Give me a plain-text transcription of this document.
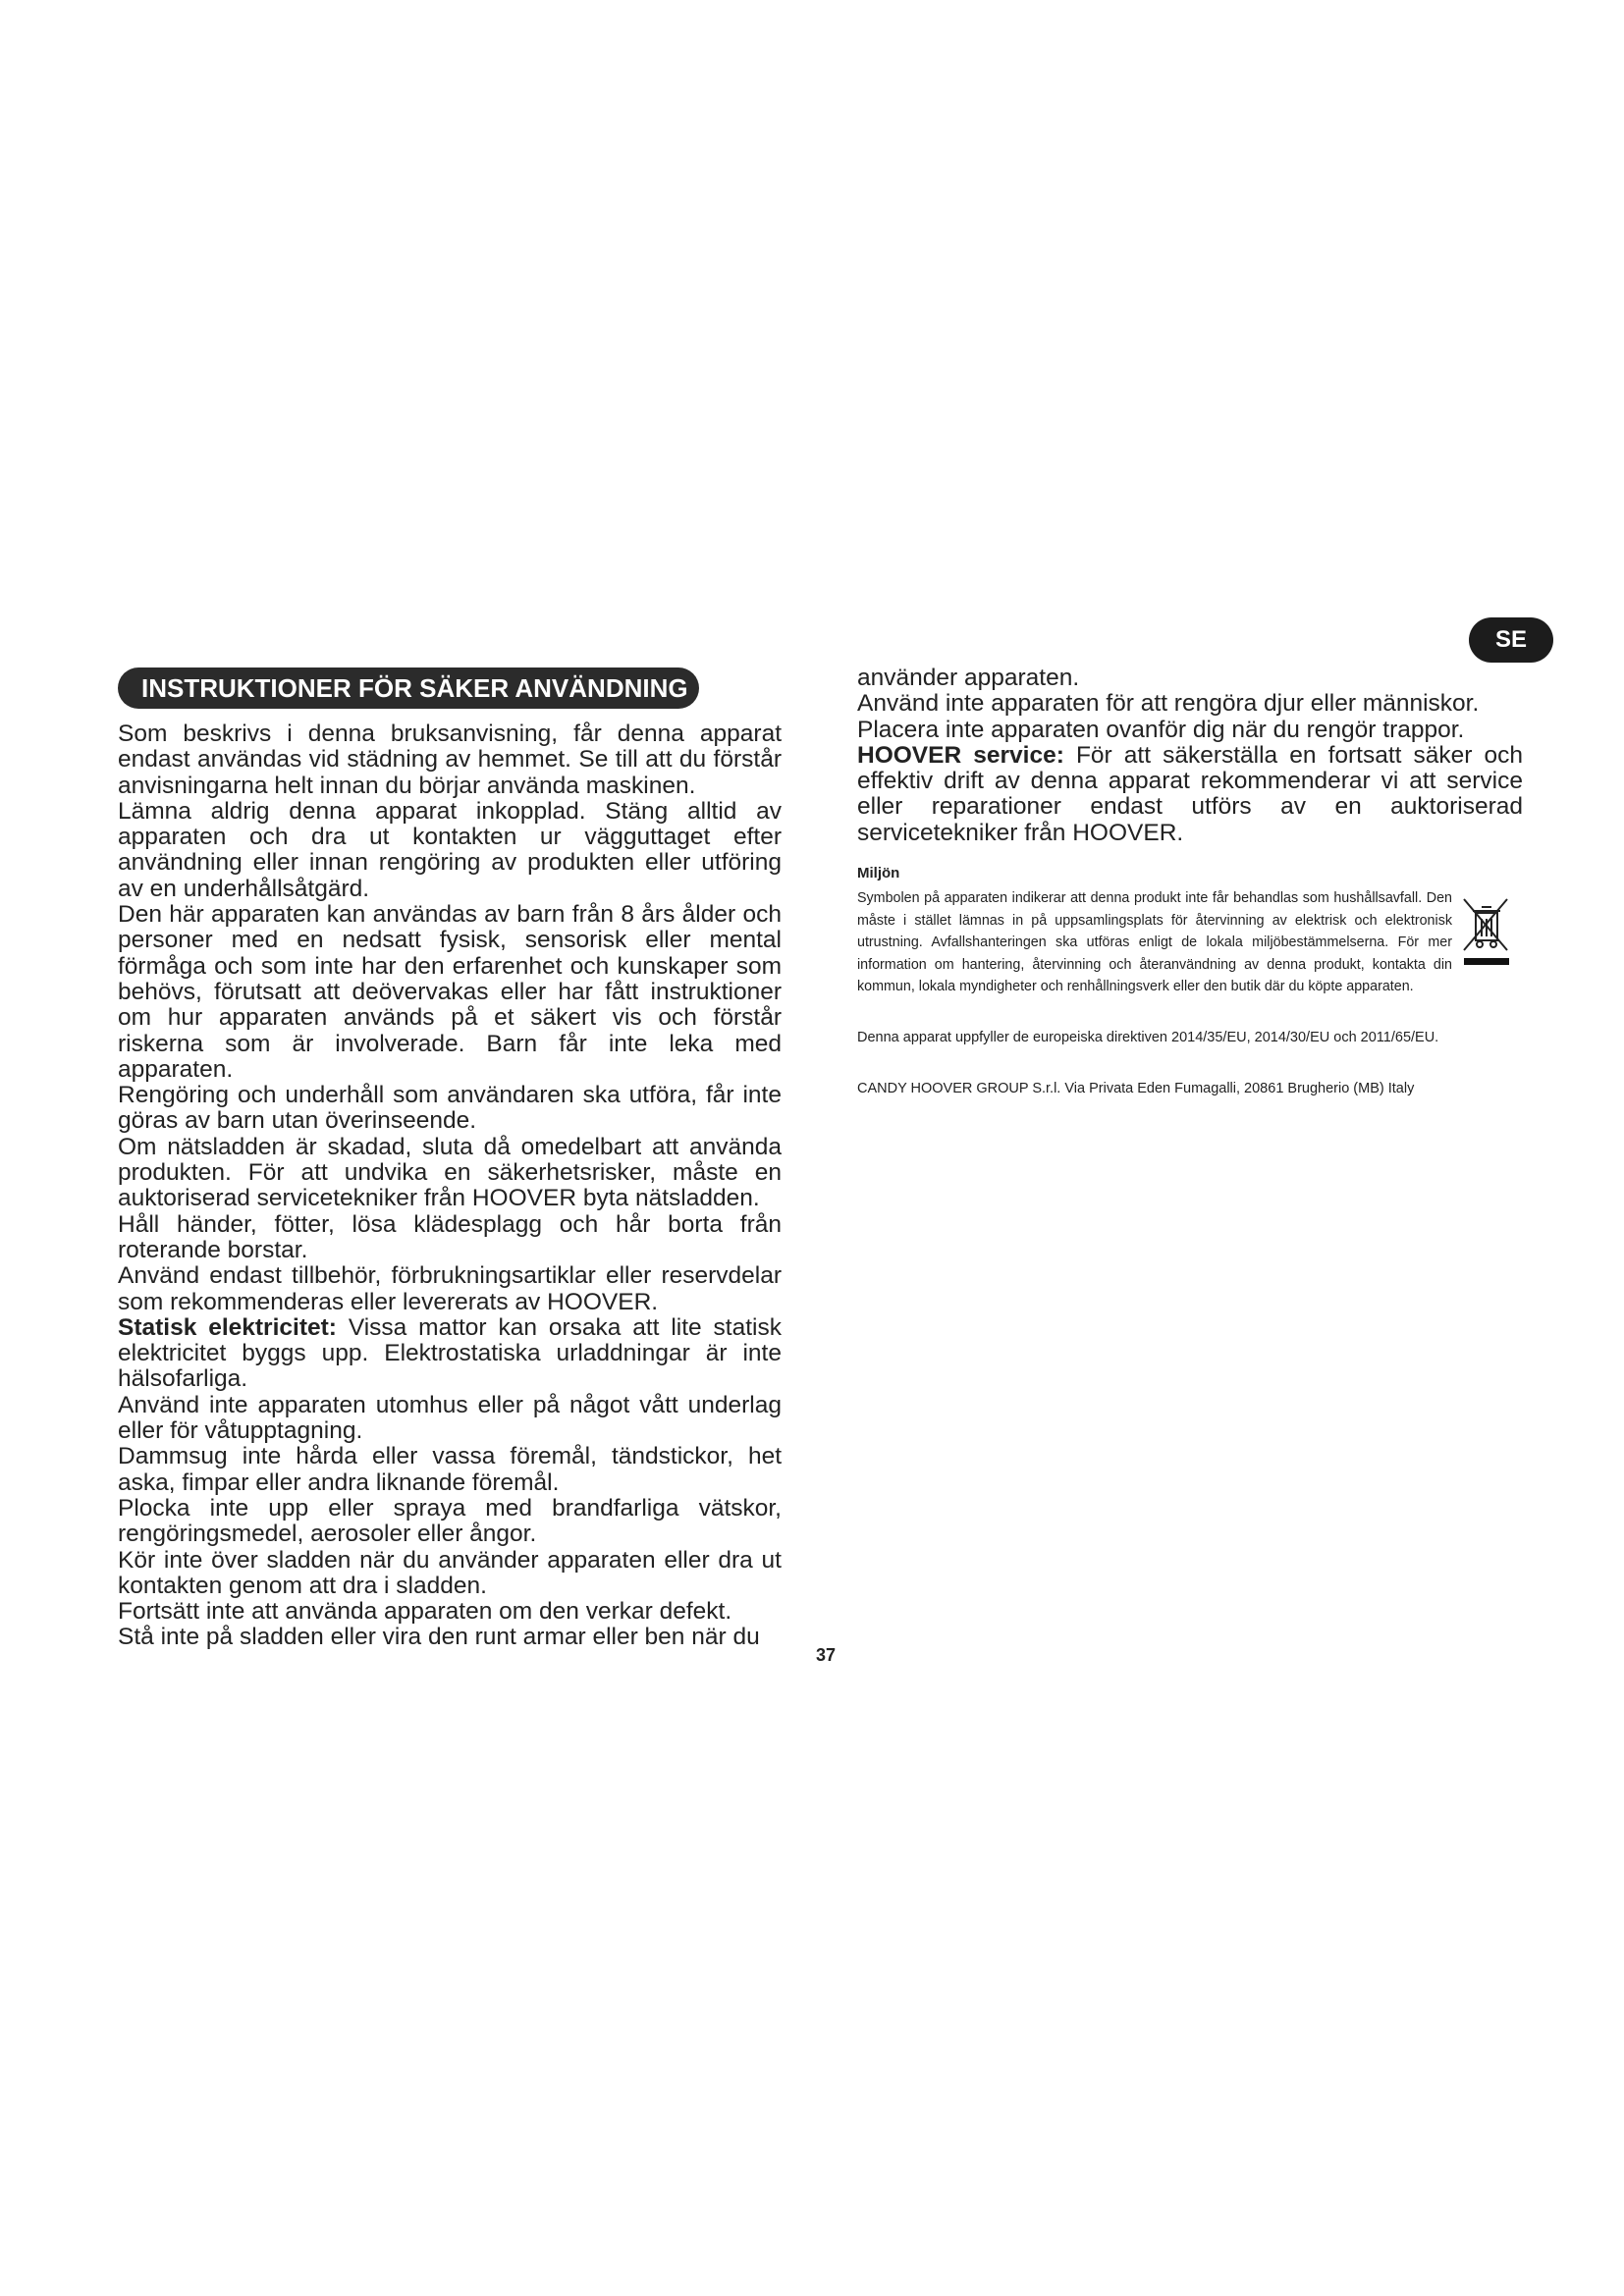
SE
INSTRUKTIONER FÖR SÄKER ANVÄNDNING

Som beskrivs i denna bruksanvisning, får denna apparat endast användas vid städning av hemmet. Se till att du förstår anvisningarna helt innan du börjar använda maskinen.

Lämna aldrig denna apparat inkopplad. Stäng alltid av apparaten och dra ut kontakten ur vägguttaget efter användning eller innan rengöring av produkten eller utföring av en underhållsåtgärd.

Den här apparaten kan användas av barn från 8 års ålder och personer med en nedsatt fysisk, sensorisk eller mental förmåga och som inte har den erfarenhet och kunskaper som behövs, förutsatt att deövervakas eller har fått instruktioner om hur apparaten används på et säkert vis och förstår riskerna som är involverade. Barn får inte leka med apparaten.

Rengöring och underhåll som användaren ska utföra, får inte göras av barn utan överinseende.

Om nätsladden är skadad, sluta då omedelbart att använda produkten. För att undvika en säkerhetsrisker, måste en auktoriserad servicetekniker från HOOVER byta nätsladden.

Håll händer, fötter, lösa klädesplagg och hår borta från roterande borstar.

Använd endast tillbehör, förbrukningsartiklar eller reservdelar som rekommenderas eller levererats av HOOVER.

Statisk elektricitet: Vissa mattor kan orsaka att lite statisk elektricitet byggs upp. Elektrostatiska urladdningar är inte hälsofarliga.

Använd inte apparaten utomhus eller på något vått underlag eller för våtupptagning.

Dammsug inte hårda eller vassa föremål, tändstickor, het aska, fimpar eller andra liknande föremål.

Plocka inte upp eller spraya med brandfarliga vätskor, rengöringsmedel, aerosoler eller ångor.

Kör inte över sladden när du använder apparaten eller dra ut kontakten genom att dra i sladden.

Fortsätt inte att använda apparaten om den verkar defekt.

Stå inte på sladden eller vira den runt armar eller ben när du

använder apparaten.

Använd inte apparaten för att rengöra djur eller människor.

Placera inte apparaten ovanför dig när du rengör trappor.

HOOVER service: För att säkerställa en fortsatt säker och effektiv drift av denna apparat rekommenderar vi att service eller reparationer endast utförs av en auktoriserad servicetekniker från HOOVER.

Miljön

Symbolen på apparaten indikerar att denna produkt inte får behandlas som hushållsavfall. Den måste i stället lämnas in på uppsamlingsplats för återvinning av elektrisk och elektronisk utrustning. Avfallshanteringen ska utföras enligt de lokala miljöbestämmelserna. För mer information om hantering, återvinning och återanvändning av denna produkt, kontakta din kommun, lokala myndigheter och renhållningsverk eller den butik där du köpte apparaten.

Denna apparat uppfyller de europeiska direktiven 2014/35/EU, 2014/30/EU och 2011/65/EU.

CANDY HOOVER GROUP S.r.l. Via Privata Eden Fumagalli, 20861 Brugherio (MB) Italy

37
